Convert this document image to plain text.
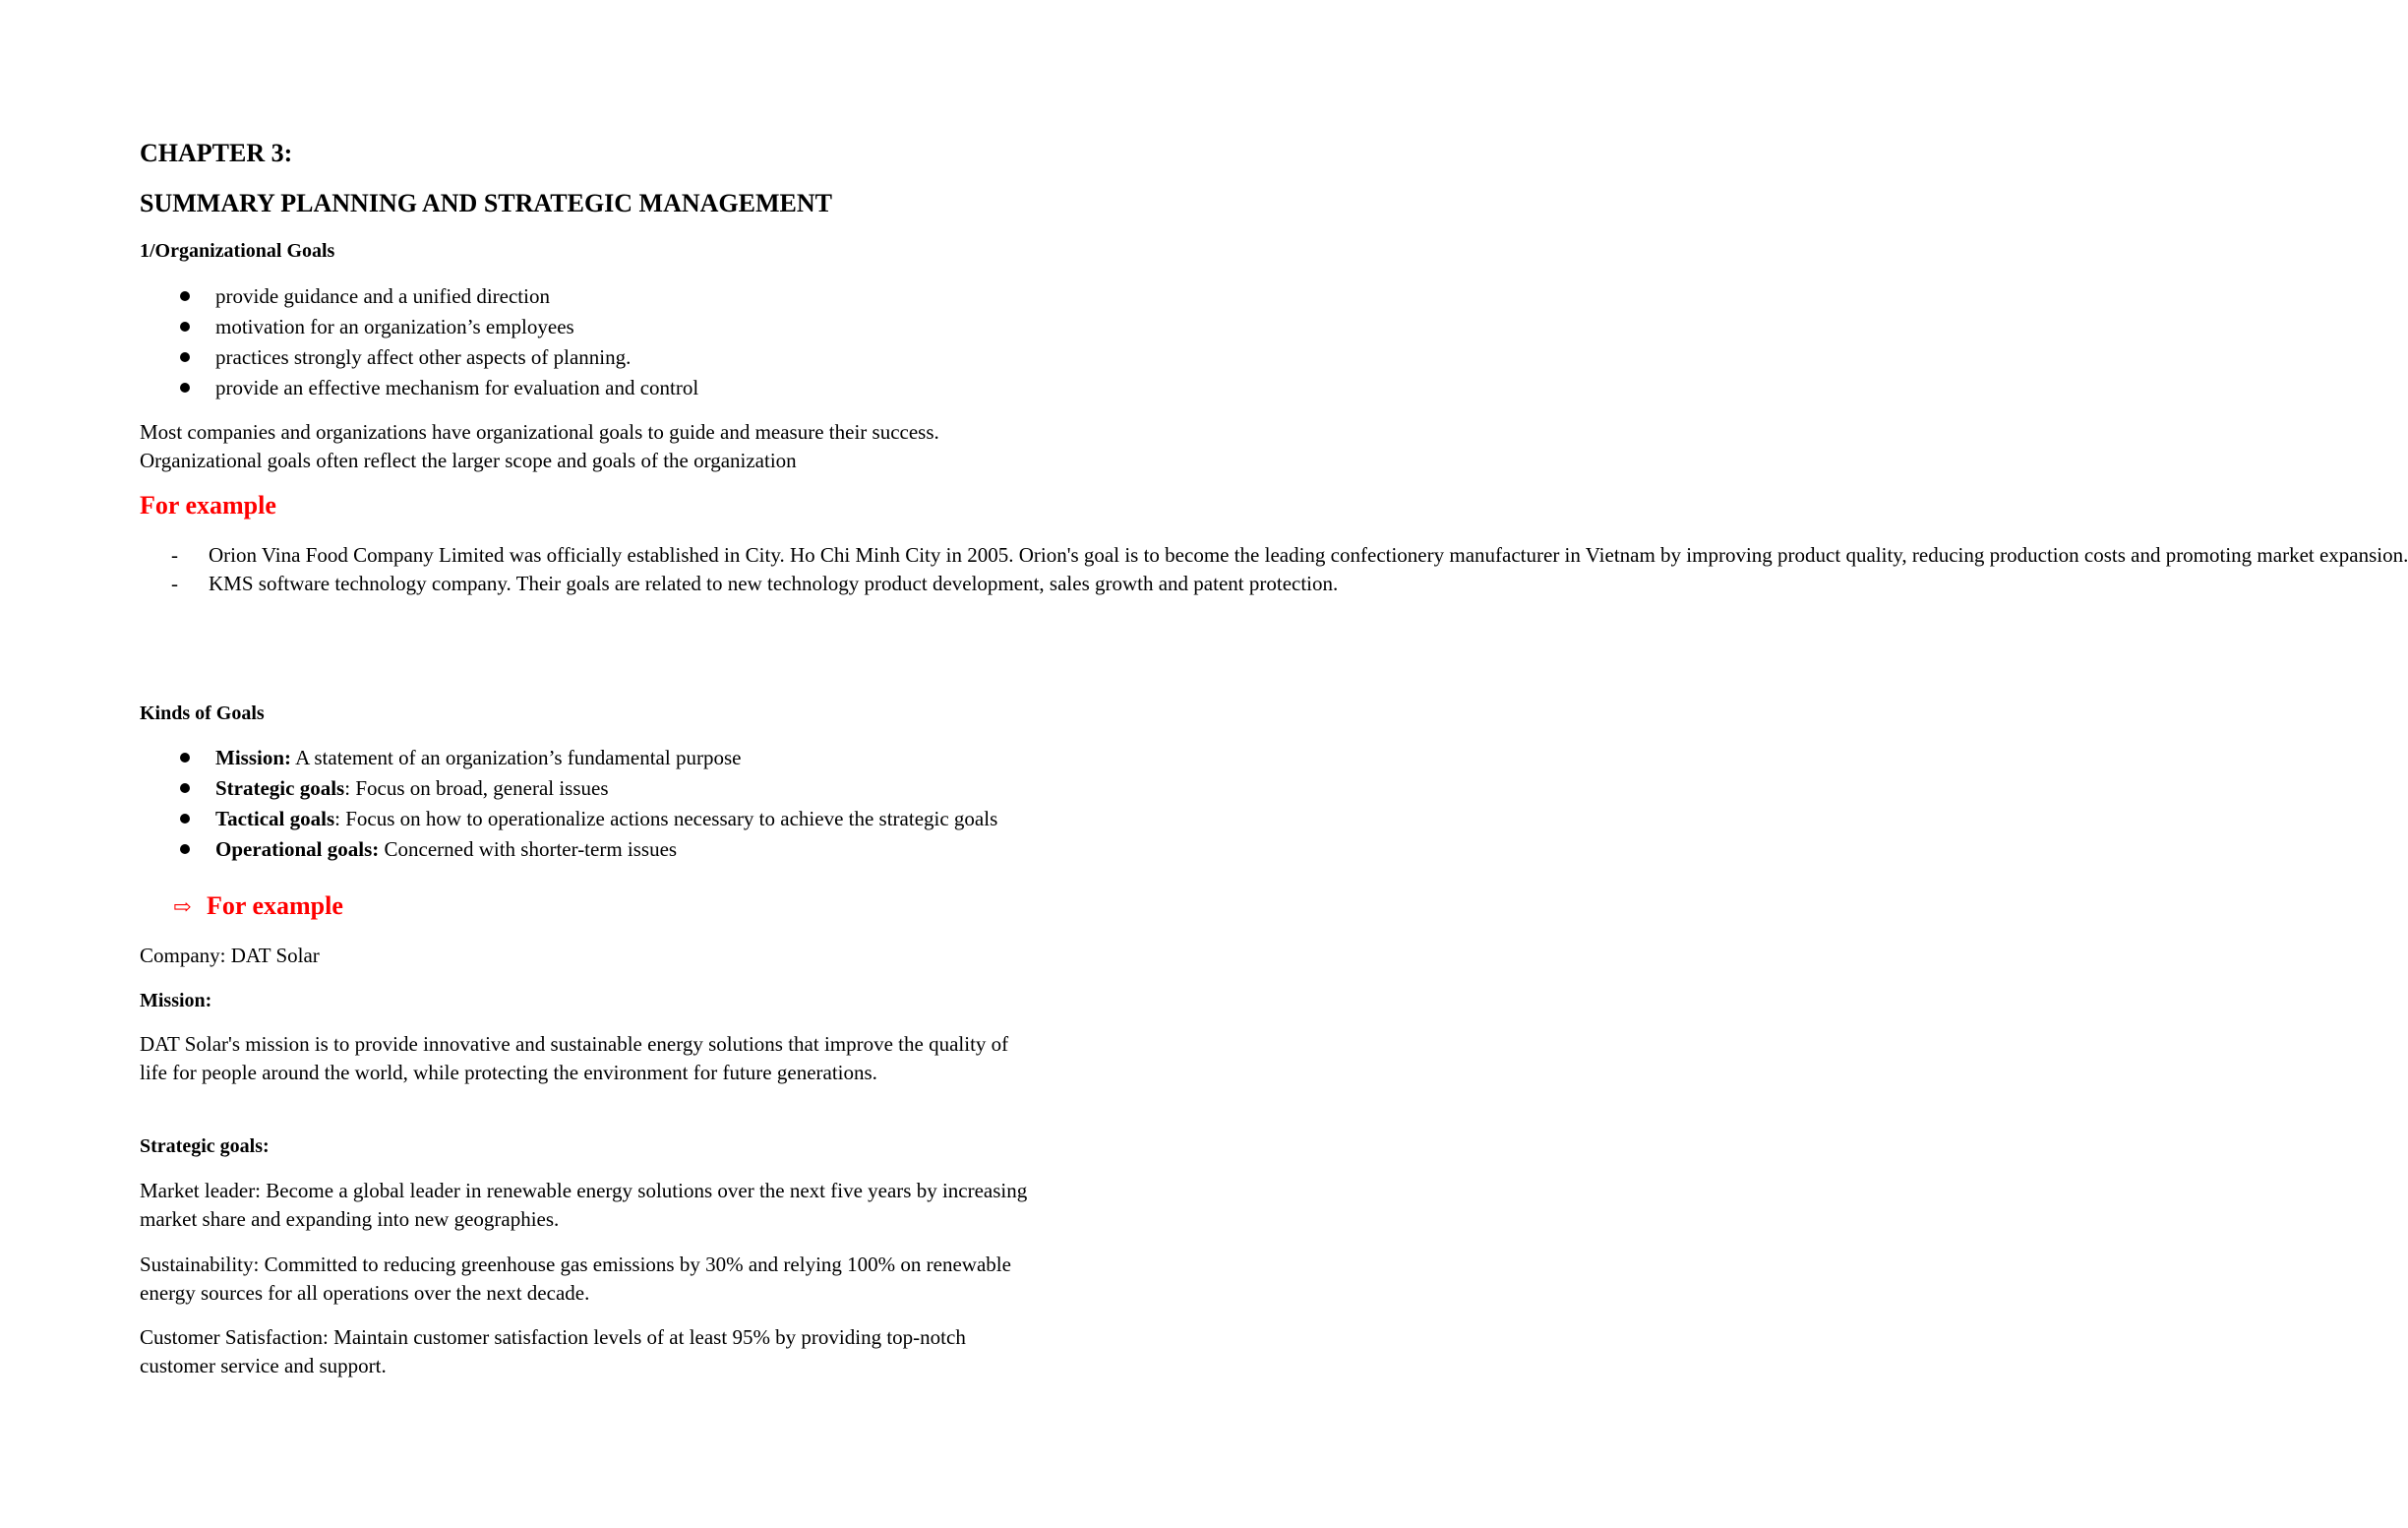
CHAPTER 3:
SUMMARY PLANNING AND STRATEGIC MANAGEMENT
1/Organizational Goals
provide guidance and a unified direction
motivation for an organization’s employees
practices strongly affect other aspects of planning.
provide an effective mechanism for evaluation and control

Most companies and organizations have organizational goals to guide and measure their success.
Organizational goals often reflect the larger scope and goals of the organization

For example
- Orion Vina Food Company Limited was officially established in City. Ho Chi Minh City in 2005. Orion's goal is to become the leading confectionery manufacturer in Vietnam by improving product quality, reducing production costs and promoting market expansion.
- KMS software technology company. Their goals are related to new technology product development, sales growth and patent protection.
Kinds of Goals
Mission: A statement of an organization’s fundamental purpose
Strategic goals: Focus on broad, general issues
Tactical goals: Focus on how to operationalize actions necessary to achieve the strategic goals
Operational goals: Concerned with shorter-term issues
⇨ For example

Company: DAT Solar

Mission:

DAT Solar's mission is to provide innovative and sustainable energy solutions that improve the quality of life for people around the world, while protecting the environment for future generations.

Strategic goals:

Market leader: Become a global leader in renewable energy solutions over the next five years by increasing market share and expanding into new geographies.

Sustainability: Committed to reducing greenhouse gas emissions by 30% and relying 100% on renewable energy sources for all operations over the next decade.

Customer Satisfaction: Maintain customer satisfaction levels of at least 95% by providing top-notch customer service and support.
